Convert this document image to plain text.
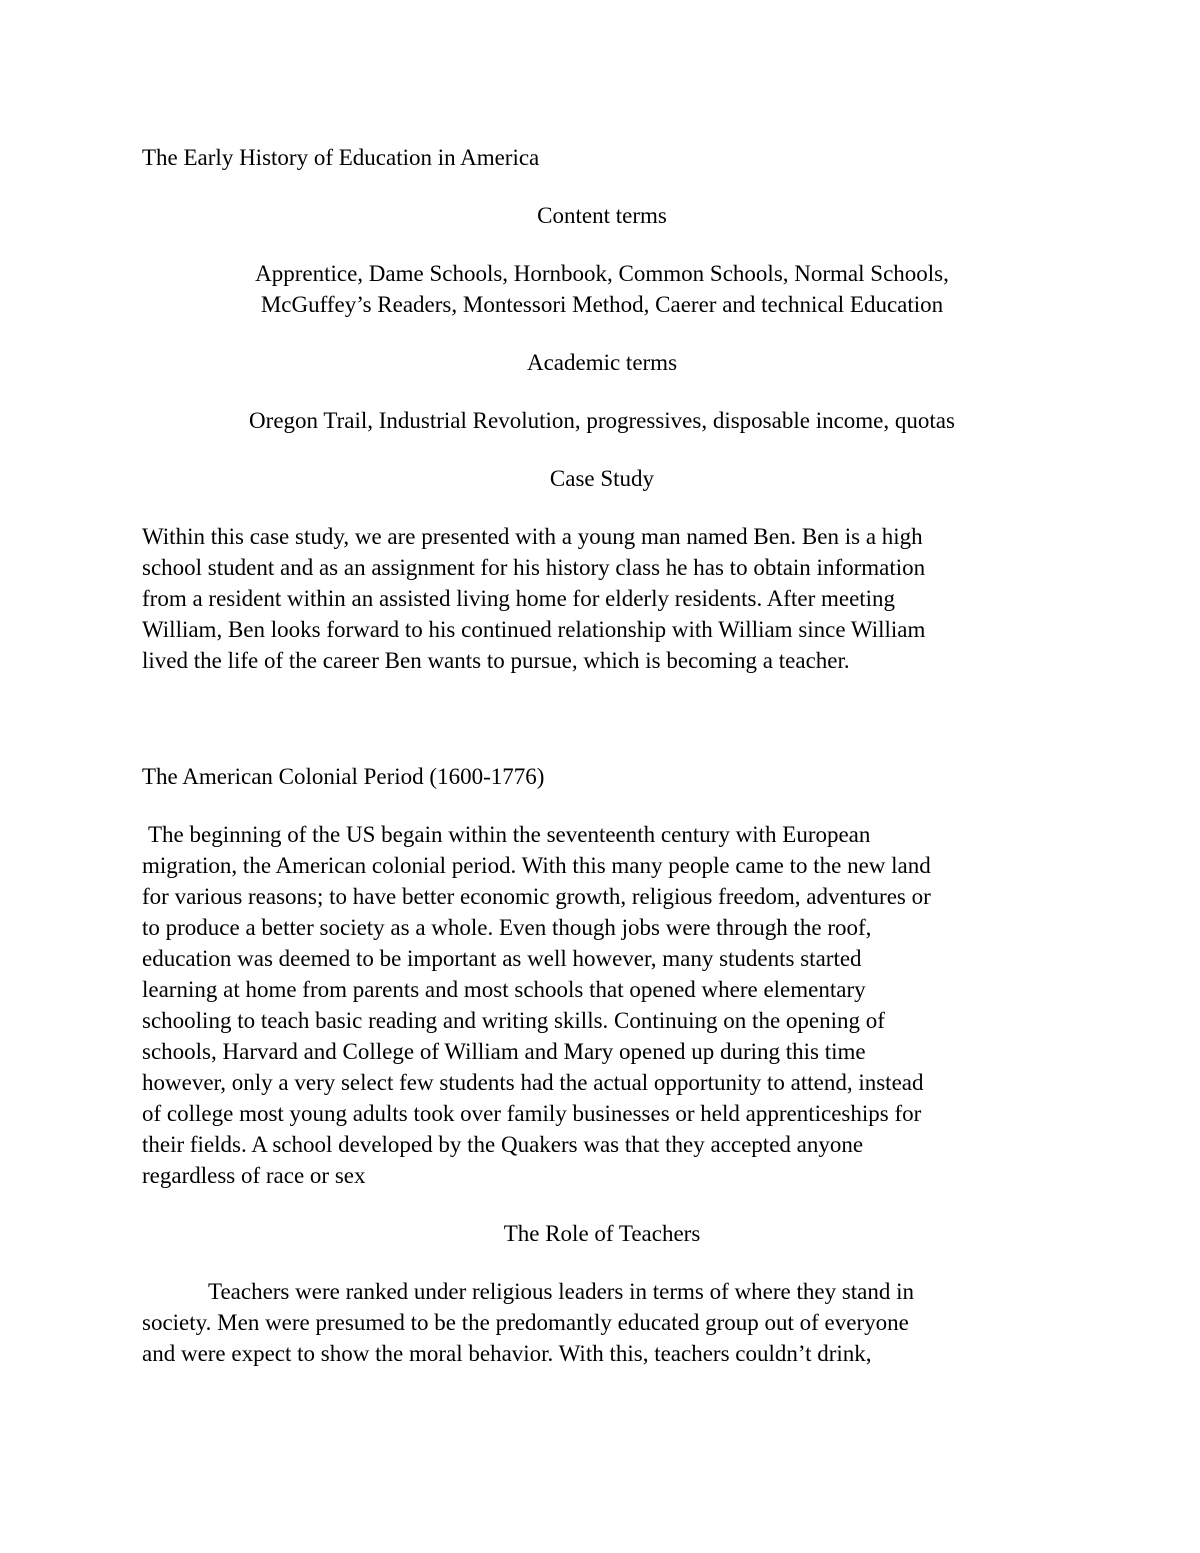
The Early History of Education in America

Content terms

Apprentice, Dame Schools, Hornbook, Common Schools, Normal Schools,

McGuffey’s Readers, Montessori Method, Caerer and technical Education

Academic terms

Oregon Trail, Industrial Revolution, progressives, disposable income, quotas

Case Study

Within this case study, we are presented with a young man named Ben. Ben is a high

school student and as an assignment for his history class he has to obtain information

from a resident within an assisted living home for elderly residents. After meeting

William, Ben looks forward to his continued relationship with William since William

lived the life of the career Ben wants to pursue, which is becoming a teacher.

The American Colonial Period (1600-1776)

The beginning of the US begain within the seventeenth century with European

migration, the American colonial period. With this many people came to the new land

for various reasons; to have better economic growth, religious freedom, adventures or

to produce a better society as a whole. Even though jobs were through the roof,

education was deemed to be important as well however, many students started

learning at home from parents and most schools that opened where elementary

schooling to teach basic reading and writing skills. Continuing on the opening of

schools, Harvard and College of William and Mary opened up during this time

however, only a very select few students had the actual opportunity to attend, instead

of college most young adults took over family businesses or held apprenticeships for

their fields. A school developed by the Quakers was that they accepted anyone

regardless of race or sex

The Role of Teachers

Teachers were ranked under religious leaders in terms of where they stand in

society. Men were presumed to be the predomantly educated group out of everyone

and were expect to show the moral behavior. With this, teachers couldn’t drink,
